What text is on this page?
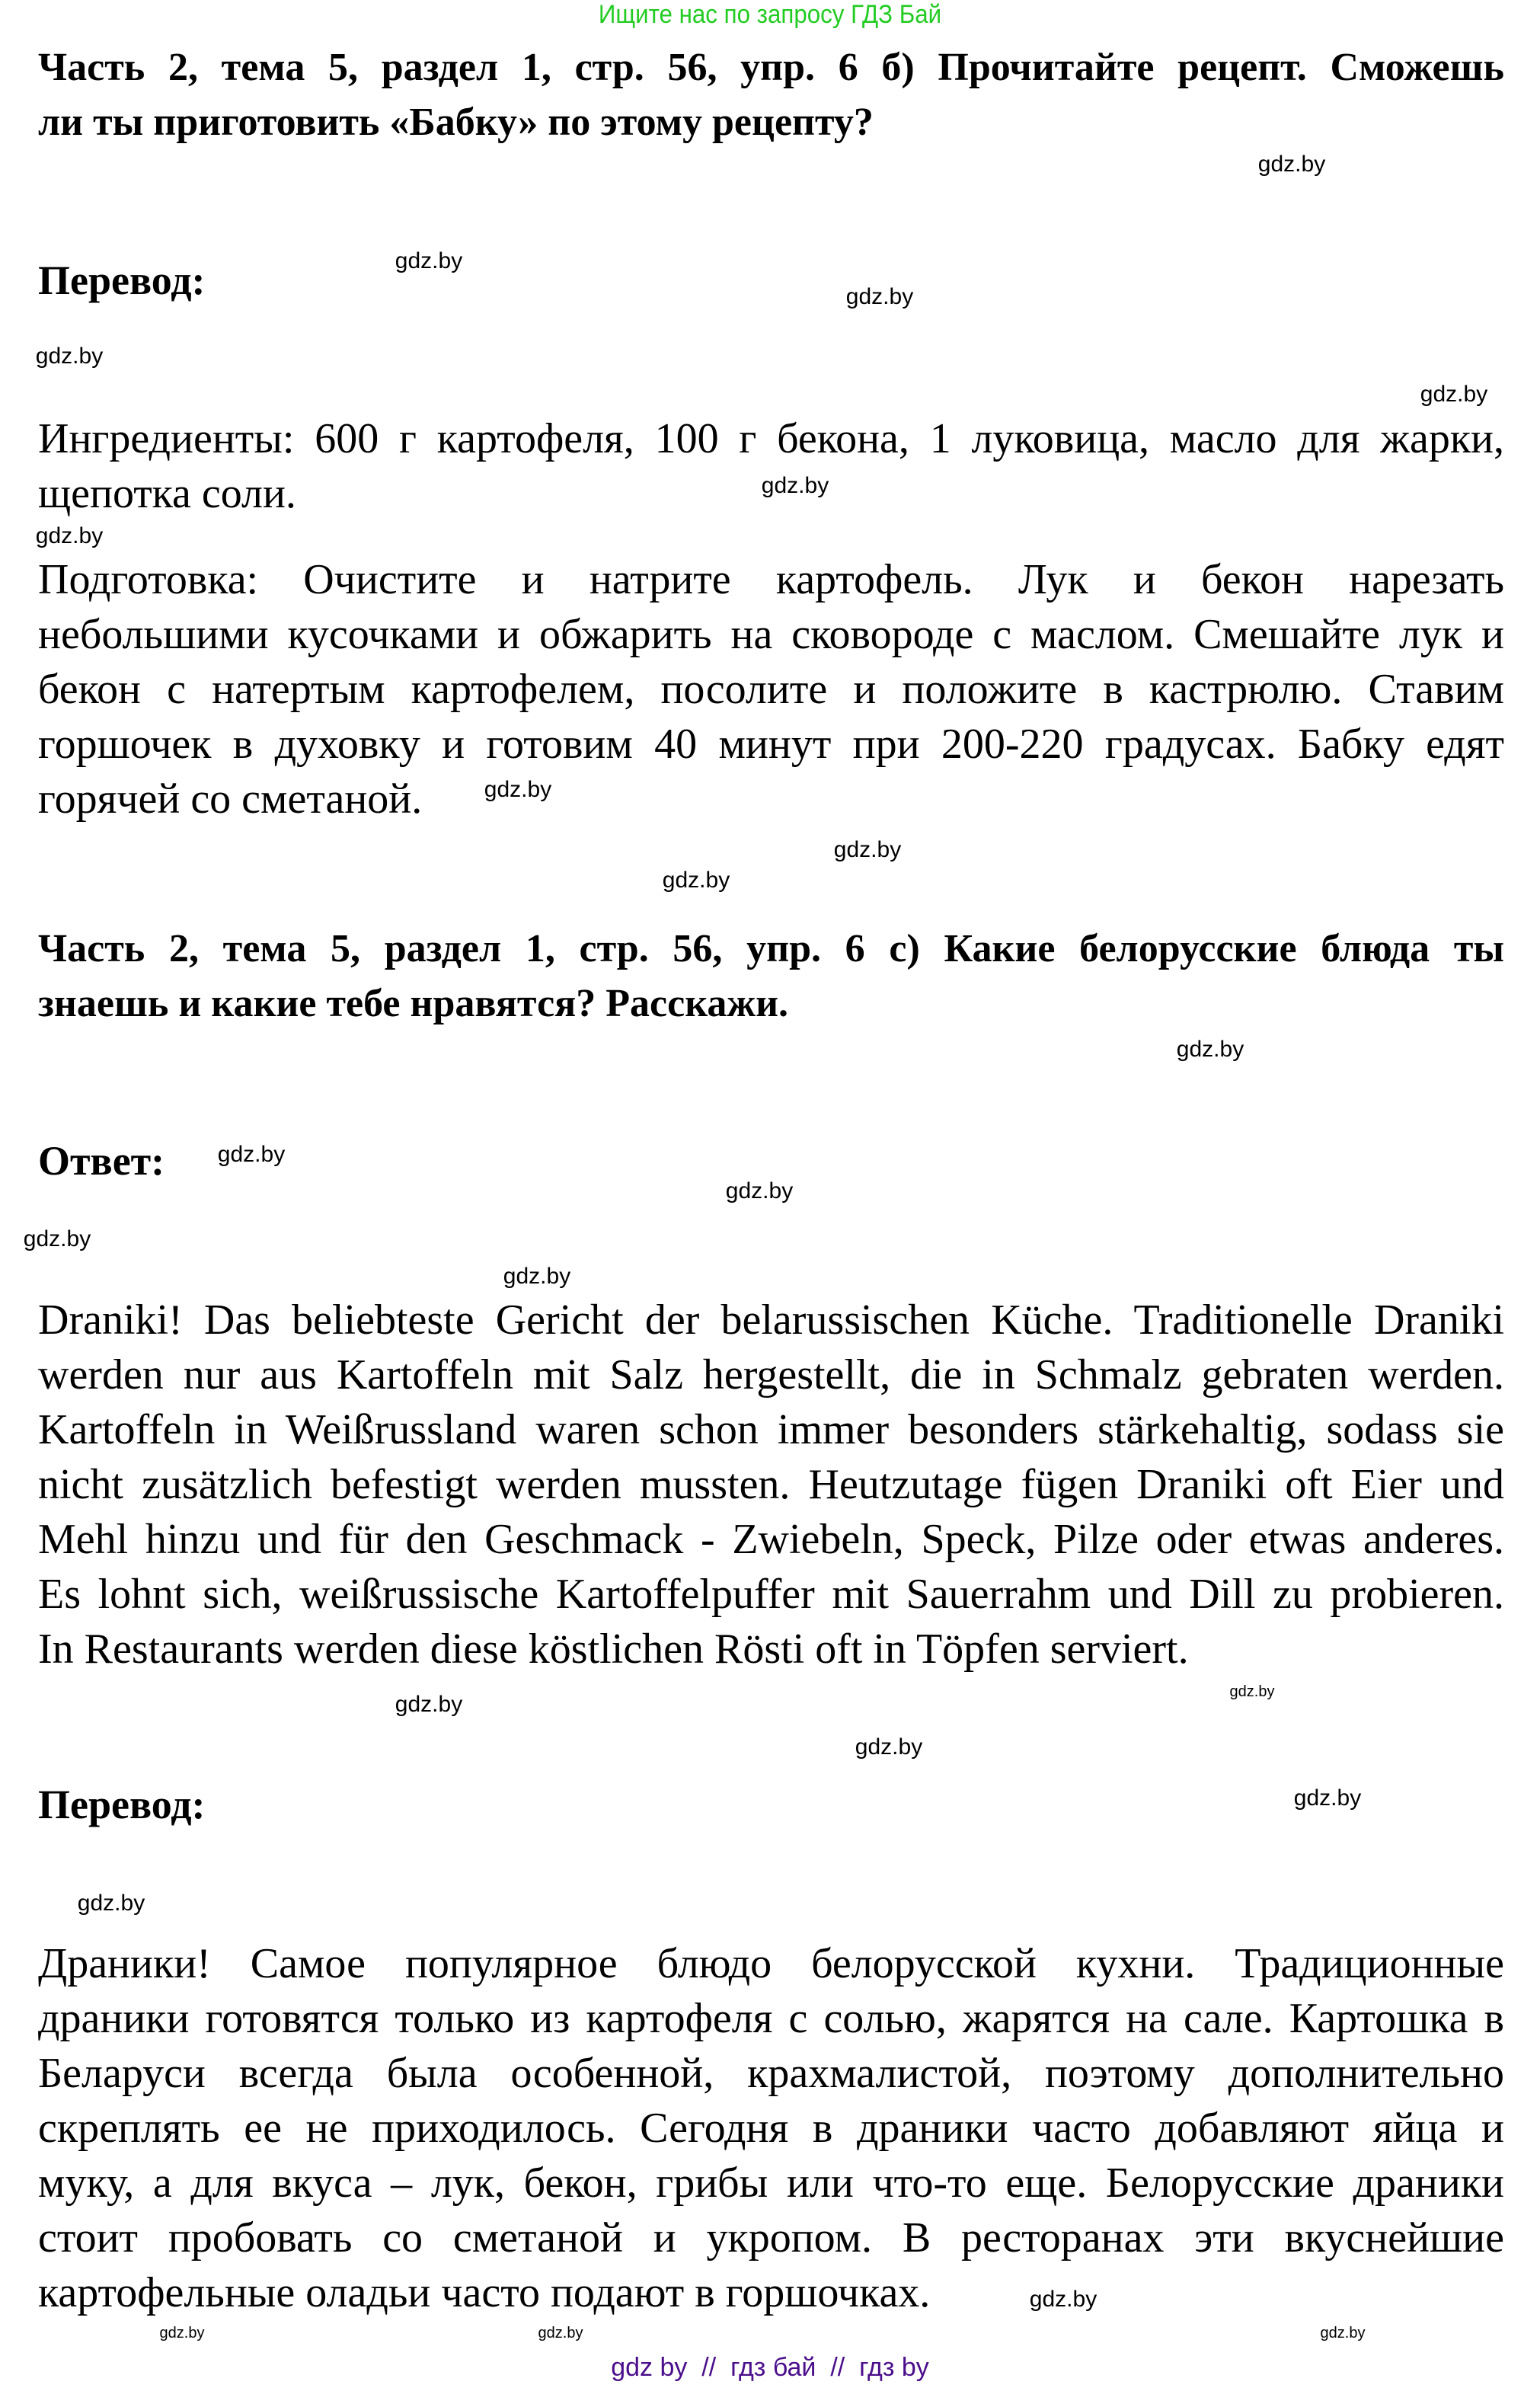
Ищите нас по запросу ГДЗ Бай
Часть 2, тема 5, раздел 1, стр. 56, упр. 6 б) Прочитайте рецепт. Сможешь
ли ты приготовить «Бабку» по этому рецепту?
Перевод:
Ингредиенты: 600 г картофеля, 100 г бекона, 1 луковица, масло для жарки,
щепотка соли.
Подготовка: Очистите и натрите картофель. Лук и бекон нарезать
небольшими кусочками и обжарить на сковороде с маслом. Смешайте лук и
бекон с натертым картофелем, посолите и положите в кастрюлю. Ставим
горшочек в духовку и готовим 40 минут при 200-220 градусах. Бабку едят
горячей со сметаной.
Часть 2, тема 5, раздел 1, стр. 56, упр. 6 с) Какие белорусские блюда ты
знаешь и какие тебе нравятся? Расскажи.
Ответ:
Draniki! Das beliebteste Gericht der belarussischen Küche. Traditionelle Draniki
werden nur aus Kartoffeln mit Salz hergestellt, die in Schmalz gebraten werden.
Kartoffeln in Weißrussland waren schon immer besonders stärkehaltig, sodass sie
nicht zusätzlich befestigt werden mussten. Heutzutage fügen Draniki oft Eier und
Mehl hinzu und für den Geschmack - Zwiebeln, Speck, Pilze oder etwas anderes.
Es lohnt sich, weißrussische Kartoffelpuffer mit Sauerrahm und Dill zu probieren.
In Restaurants werden diese köstlichen Rösti oft in Töpfen serviert.
Перевод:
Драники! Самое популярное блюдо белорусской кухни. Традиционные
драники готовятся только из картофеля с солью, жарятся на сале. Картошка в
Беларуси всегда была особенной, крахмалистой, поэтому дополнительно
скреплять ее не приходилось. Сегодня в драники часто добавляют яйца и
муку, а для вкуса – лук, бекон, грибы или что-то еще. Белорусские драники
стоит пробовать со сметаной и укропом. В ресторанах эти вкуснейшие
картофельные оладьи часто подают в горшочках.
gdz.by
gdz.by
gdz.by
gdz.by
gdz.by
gdz.by
gdz.by
gdz.by
gdz.by
gdz.by
gdz.by
gdz.by
gdz.by
gdz.by
gdz.by
gdz.by
gdz.by
gdz.by
gdz.by
gdz.by
gdz.by
gdz.by	gdz.by
gdz.by
gdz by  //  гдз бай  //  гдз by
